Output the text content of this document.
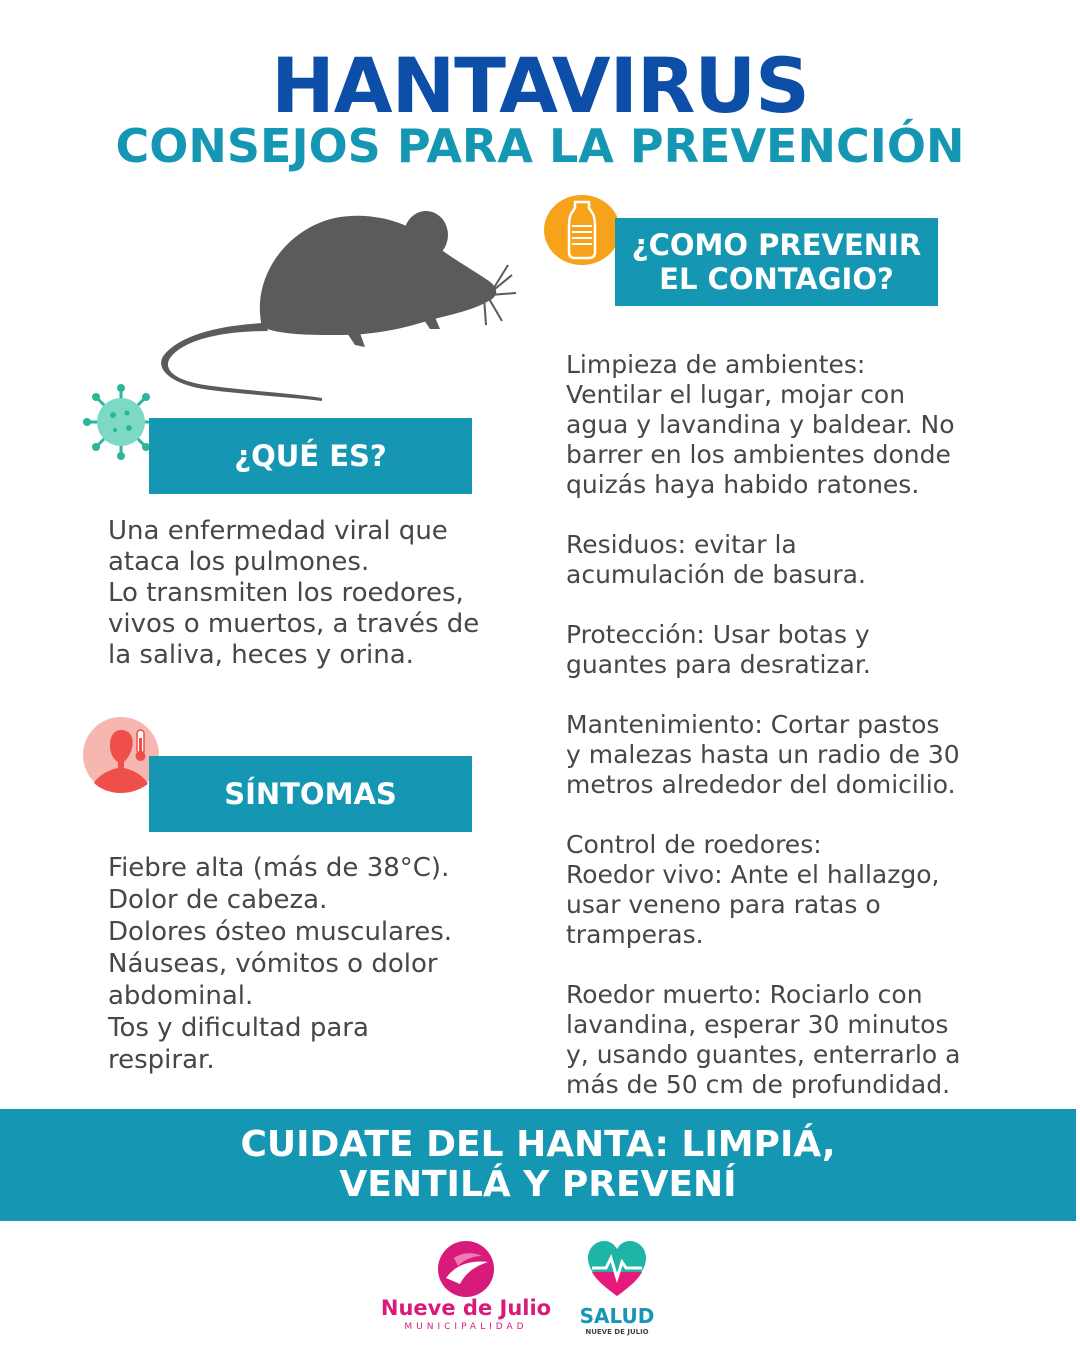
HANTAVIRUS
CONSEJOS PARA LA PREVENCIÓN
¿QUÉ ES?
Una enfermedad viral que
ataca los pulmones.
Lo transmiten los roedores,
vivos o muertos, a través de
la saliva, heces y orina.
SÍNTOMAS
Fiebre alta (más de 38°C).
Dolor de cabeza.
Dolores ósteo musculares.
Náuseas, vómitos o dolor
abdominal.
Tos y dificultad para
respirar.
¿COMO PREVENIR
EL CONTAGIO?

Limpieza de ambientes:
Ventilar el lugar, mojar con
agua y lavandina y baldear. No
barrer en los ambientes donde
quizás haya habido ratones.

Residuos: evitar la
acumulación de basura.

Protección: Usar botas y
guantes para desratizar.

Mantenimiento: Cortar pastos
y malezas hasta un radio de 30
metros alrededor del domicilio.

Control de roedores:
Roedor vivo: Ante el hallazgo,
usar veneno para ratas o
tramperas.

Roedor muerto: Rociarlo con
lavandina, esperar 30 minutos
y, usando guantes, enterrarlo a
más de 50 cm de profundidad.

CUIDATE DEL HANTA: LIMPIÁ,
VENTILÁ Y PREVENÍ
Nueve de Julio
MUNICIPALIDAD	SALUD
NUEVE DE JULIO
